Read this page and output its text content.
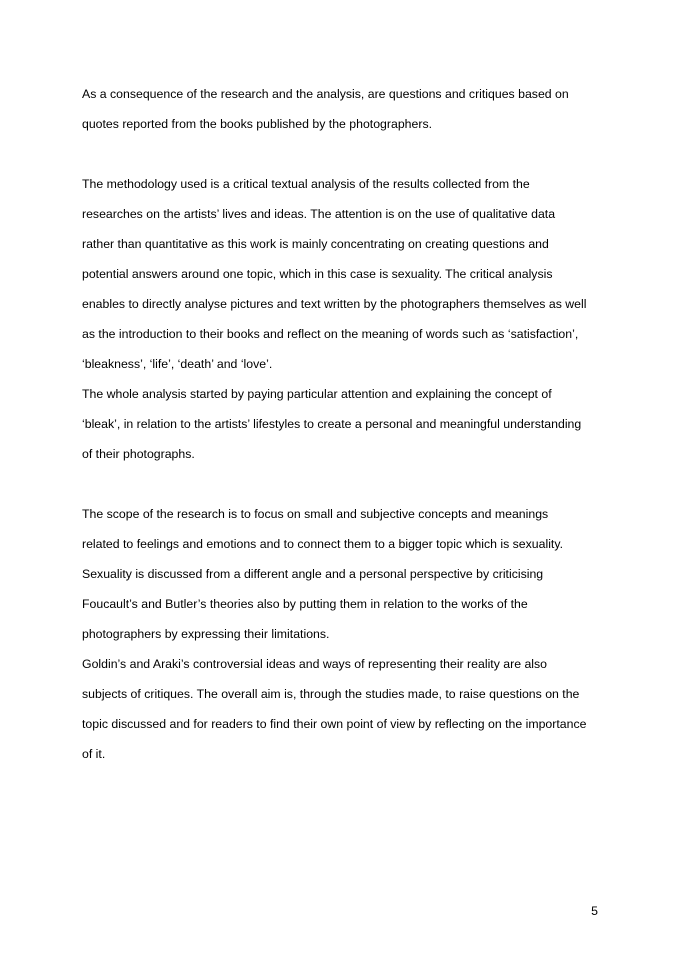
As a consequence of the research and the analysis, are questions and critiques based on
quotes reported from the books published by the photographers.
The methodology used is a critical textual analysis of the results collected from the
researches on the artists’ lives and ideas. The attention is on the use of qualitative data
rather than quantitative as this work is mainly concentrating on creating questions and
potential answers around one topic, which in this case is sexuality. The critical analysis
enables to directly analyse pictures and text written by the photographers themselves as well
as the introduction to their books and reflect on the meaning of words such as ‘satisfaction’,
‘bleakness’, ‘life’, ‘death’ and ‘love’.
The whole analysis started by paying particular attention and explaining the concept of
‘bleak’, in relation to the artists’ lifestyles to create a personal and meaningful understanding
of their photographs.
The scope of the research is to focus on small and subjective concepts and meanings
related to feelings and emotions and to connect them to a bigger topic which is sexuality.
Sexuality is discussed from a different angle and a personal perspective by criticising
Foucault’s and Butler’s theories also by putting them in relation to the works of the
photographers by expressing their limitations.
Goldin’s and Araki’s controversial ideas and ways of representing their reality are also
subjects of critiques. The overall aim is, through the studies made, to raise questions on the
topic discussed and for readers to find their own point of view by reflecting on the importance
of it.
5
